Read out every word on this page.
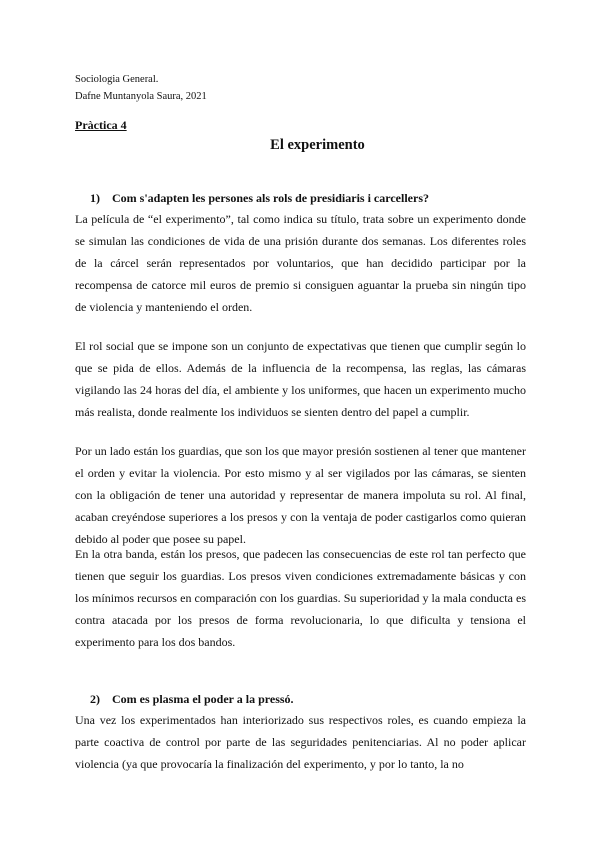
Sociologia General.
Dafne Muntanyola Saura, 2021
Pràctica 4
El experimento
1) Com s'adapten les persones als rols de presidiaris i carcellers?
La película de “el experimento”, tal como indica su título, trata sobre un experimento donde se simulan las condiciones de vida de una prisión durante dos semanas. Los diferentes roles de la cárcel serán representados por voluntarios, que han decidido participar por la recompensa de catorce mil euros de premio si consiguen aguantar la prueba sin ningún tipo de violencia y manteniendo el orden.
El rol social que se impone son un conjunto de expectativas que tienen que cumplir según lo que se pida de ellos. Además de la influencia de la recompensa, las reglas, las cámaras vigilando las 24 horas del día, el ambiente y los uniformes, que hacen un experimento mucho más realista, donde realmente los individuos se sienten dentro del papel a cumplir.
Por un lado están los guardias, que son los que mayor presión sostienen al tener que mantener el orden y evitar la violencia. Por esto mismo y al ser vigilados por las cámaras, se sienten con la obligación de tener una autoridad y representar de manera impoluta su rol. Al final, acaban creyéndose superiores a los presos y con la ventaja de poder castigarlos como quieran debido al poder que posee su papel.
En la otra banda, están los presos, que padecen las consecuencias de este rol tan perfecto que tienen que seguir los guardias. Los presos viven condiciones extremadamente básicas y con los mínimos recursos en comparación con los guardias. Su superioridad y la mala conducta es contra atacada por los presos de forma revolucionaria, lo que dificulta y tensiona el experimento para los dos bandos.
2) Com es plasma el poder a la pressó.
Una vez los experimentados han interiorizado sus respectivos roles, es cuando empieza la parte coactiva de control por parte de las seguridades penitenciarias. Al no poder aplicar violencia (ya que provocaría la finalización del experimento, y por lo tanto, la no
